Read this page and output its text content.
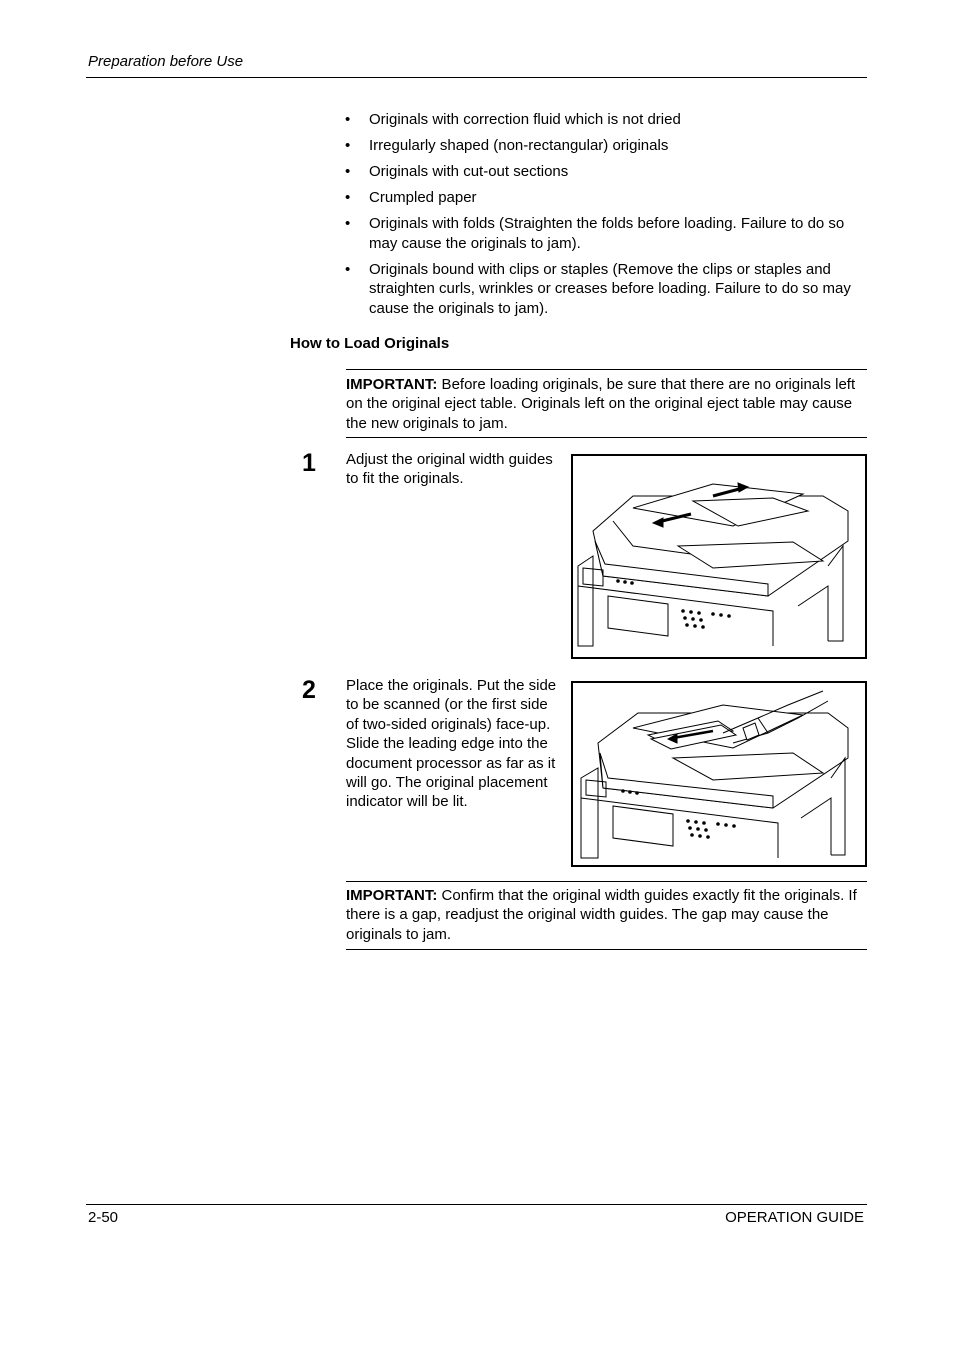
Preparation before Use
• Originals with correction fluid which is not dried
• Irregularly shaped (non-rectangular) originals
• Originals with cut-out sections
• Crumpled paper
• Originals with folds (Straighten the folds before loading. Failure to do so may cause the originals to jam).
• Originals bound with clips or staples (Remove the clips or staples and straighten curls, wrinkles or creases before loading. Failure to do so may cause the originals to jam).
How to Load Originals
IMPORTANT: Before loading originals, be sure that there are no originals left on the original eject table. Originals left on the original eject table may cause the new originals to jam.
1 Adjust the original width guides to fit the originals.
2 Place the originals. Put the side to be scanned (or the first side of two-sided originals) face-up. Slide the leading edge into the document processor as far as it will go. The original placement indicator will be lit.
IMPORTANT: Confirm that the original width guides exactly fit the originals. If there is a gap, readjust the original width guides. The gap may cause the originals to jam.
2-50	OPERATION GUIDE
